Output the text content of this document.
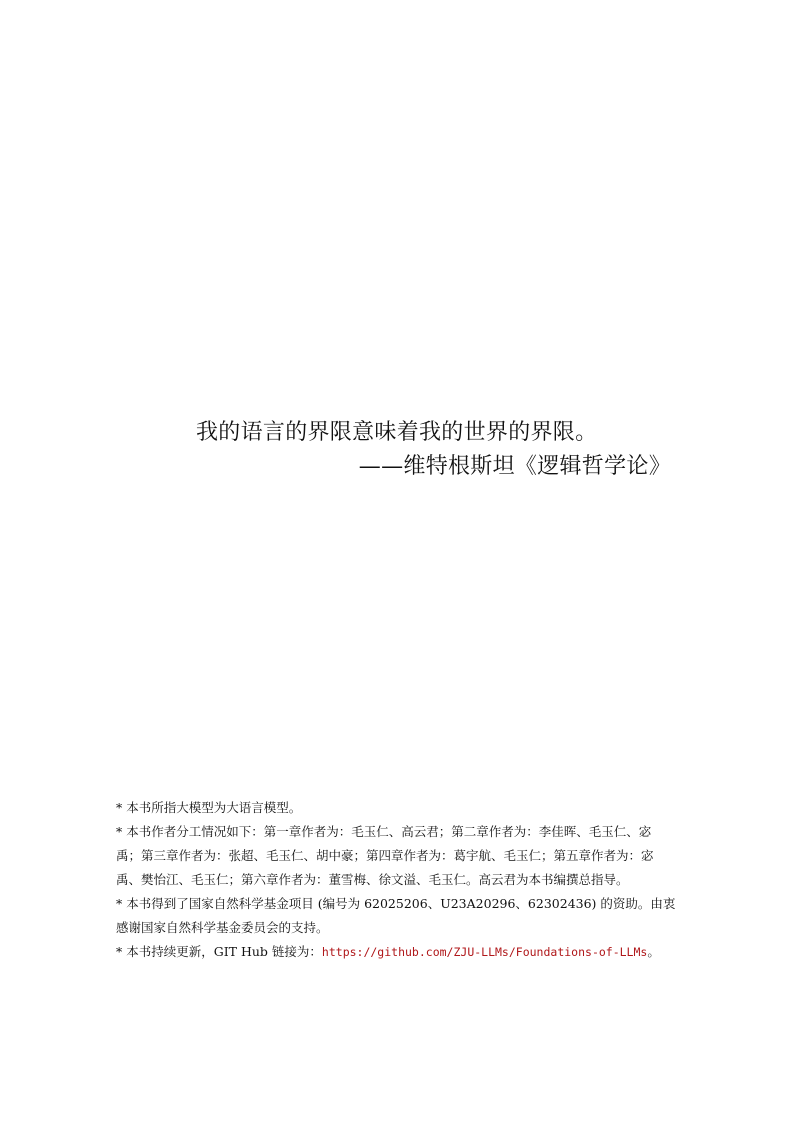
我的语言的界限意味着我的世界的界限。
——维特根斯坦《逻辑哲学论》

* 本书所指大模型为大语言模型。

* 本书作者分工情况如下：第一章作者为：毛玉仁、高云君；第二章作者为：李佳晖、毛玉仁、宓禹；第三章作者为：张超、毛玉仁、胡中豪；第四章作者为：葛宇航、毛玉仁；第五章作者为：宓禹、樊怡江、毛玉仁；第六章作者为：董雪梅、徐文溢、毛玉仁。高云君为本书编撰总指导。

* 本书得到了国家自然科学基金项目 (编号为 62025206、U23A20296、62302436) 的资助。由衷感谢国家自然科学基金委员会的支持。

* 本书持续更新，GIT Hub 链接为：https://github.com/ZJU-LLMs/Foundations-of-LLMs。
